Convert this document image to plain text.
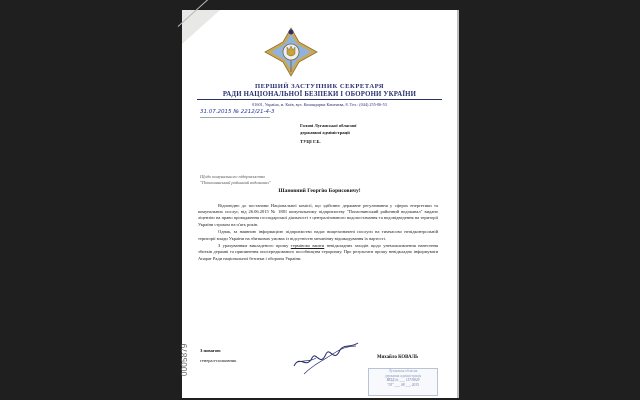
ПЕРШИЙ ЗАСТУПНИК СЕКРЕТАРЯ
РАДИ НАЦІОНАЛЬНОЇ БЕЗПЕКИ І ОБОРОНИ УКРАЇНИ
01601, Україна, м. Київ, вул. Командарма Каменєва, 8. Тел.: (044) 255-06-53
31.07.2015 № 2212/21-4-3
Голові Луганської обласної
державної адміністрації
ТУЦІ Г.Б.
Щодо комунального підприємства
"Попаснянський районний водоканал"
Шановний Георгію Борисовичу!

Відповідно до постанови Національної комісії, що здійснює державне регулювання у сферах енергетики та комунальних послуг, від 26.06.2015 № 1881 комунальному підприємству "Попаснянський районний водоканал" видано ліцензію на право провадження господарської діяльності з централізованого водопостачання та водовідведення на території України строком на п'ять років.

Однак, за наявною інформацією підприємство надає вищезазначені послуги на тимчасово непідконтрольній території влади України на збиткових умовах із відсутністю механізму відшкодування їх вартості.

З урахуванням викладеного прошу терміново вжити невідкладних заходів щодо унеможливлення нанесення збитків державі та припинення опосередкованого пособництва тероризму. Про результати прошу невідкладно інформувати Апарат Ради національної безпеки і оборони України.

З повагою
генерал-полковник
Михайло КОВАЛЬ
Луганська обласна
державна адміністрація
ВХІД.№ ___ 157/0829
"03" ___ 08 ___ 2015
0005879
